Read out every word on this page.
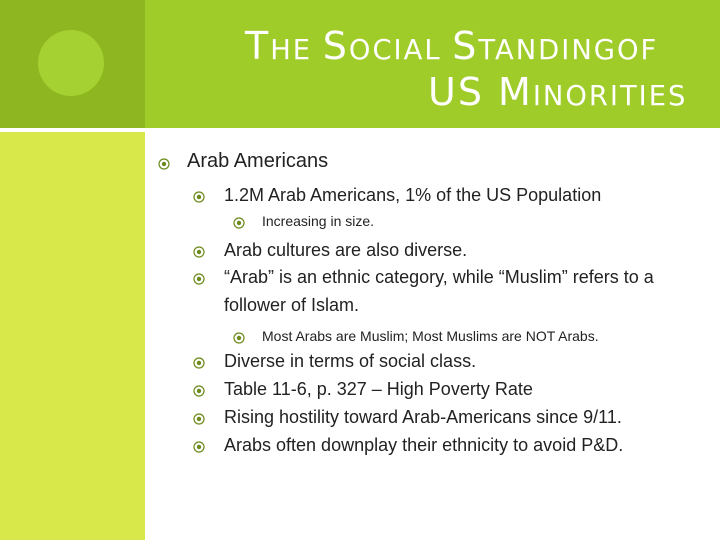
THE SOCIAL STANDINGOF
US MINORITIES
Arab Americans
1.2M Arab Americans, 1% of the US Population
Increasing in size.
Arab cultures are also diverse.
“Arab” is an ethnic category, while “Muslim” refers to a
follower of Islam.
Most Arabs are Muslim; Most Muslims are NOT Arabs.
Diverse in terms of social class.
Table 11-6, p. 327 – High Poverty Rate
Rising hostility toward Arab-Americans since 9/11.
Arabs often downplay their ethnicity to avoid P&D.
